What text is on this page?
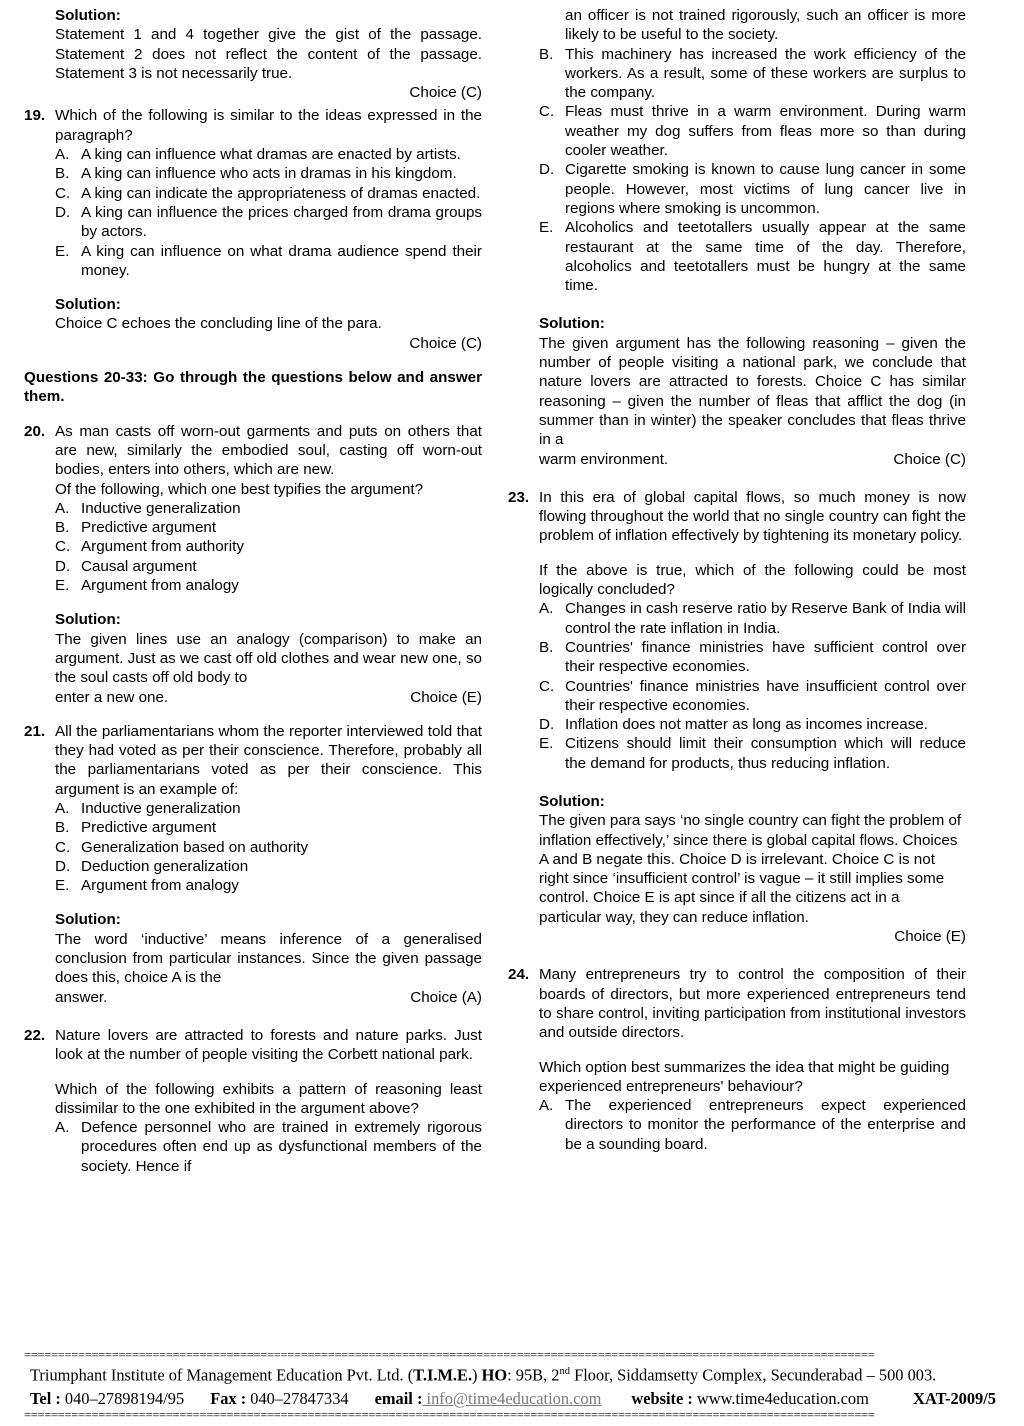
Solution:
Statement 1 and 4 together give the gist of the passage. Statement 2 does not reflect the content of the passage. Statement 3 is not necessarily true.
Choice (C)
19. Which of the following is similar to the ideas expressed in the paragraph?
A. A king can influence what dramas are enacted by artists.
B. A king can influence who acts in dramas in his kingdom.
C. A king can indicate the appropriateness of dramas enacted.
D. A king can influence the prices charged from drama groups by actors.
E. A king can influence on what drama audience spend their money.
Solution:
Choice C echoes the concluding line of the para.
Choice (C)
Questions 20-33: Go through the questions below and answer them.
20. As man casts off worn-out garments and puts on others that are new, similarly the embodied soul, casting off worn-out bodies, enters into others, which are new.
Of the following, which one best typifies the argument?
A. Inductive generalization
B. Predictive argument
C. Argument from authority
D. Causal argument
E. Argument from analogy
Solution:
The given lines use an analogy (comparison) to make an argument. Just as we cast off old clothes and wear new one, so the soul casts off old body to
enter a new one.	Choice (E)
21. All the parliamentarians whom the reporter interviewed told that they had voted as per their conscience. Therefore, probably all the parliamentarians voted as per their conscience. This argument is an example of:
A. Inductive generalization
B. Predictive argument
C. Generalization based on authority
D. Deduction generalization
E. Argument from analogy
Solution:
The word ‘inductive’ means inference of a generalised conclusion from particular instances. Since the given passage does this, choice A is the
answer.	Choice (A)
22. Nature lovers are attracted to forests and nature parks. Just look at the number of people visiting the Corbett national park.
Which of the following exhibits a pattern of reasoning least dissimilar to the one exhibited in the argument above?
A. Defence personnel who are trained in extremely rigorous procedures often end up as dysfunctional members of the society. Hence if
an officer is not trained rigorously, such an officer is more likely to be useful to the society.
B. This machinery has increased the work efficiency of the workers. As a result, some of these workers are surplus to the company.
C. Fleas must thrive in a warm environment. During warm weather my dog suffers from fleas more so than during cooler weather.
D. Cigarette smoking is known to cause lung cancer in some people. However, most victims of lung cancer live in regions where smoking is uncommon.
E. Alcoholics and teetotallers usually appear at the same restaurant at the same time of the day. Therefore, alcoholics and teetotallers must be hungry at the same time.
Solution:
The given argument has the following reasoning – given the number of people visiting a national park, we conclude that nature lovers are attracted to forests. Choice C has similar reasoning – given the number of fleas that afflict the dog (in summer than in winter) the speaker concludes that fleas thrive in a
warm environment.	Choice (C)
23. In this era of global capital flows, so much money is now flowing throughout the world that no single country can fight the problem of inflation effectively by tightening its monetary policy.
If the above is true, which of the following could be most logically concluded?
A. Changes in cash reserve ratio by Reserve Bank of India will control the rate inflation in India.
B. Countries' finance ministries have sufficient control over their respective economies.
C. Countries' finance ministries have insufficient control over their respective economies.
D. Inflation does not matter as long as incomes increase.
E. Citizens should limit their consumption which will reduce the demand for products, thus reducing inflation.
Solution:
The given para says ‘no single country can fight the problem of inflation effectively,’ since there is global capital flows. Choices A and B negate this. Choice D is irrelevant. Choice C is not right since ‘insufficient control’ is vague – it still implies some control. Choice E is apt since if all the citizens act in a particular way, they can reduce inflation.
Choice (E)
24. Many entrepreneurs try to control the composition of their boards of directors, but more experienced entrepreneurs tend to share control, inviting participation from institutional investors and outside directors.
Which option best summarizes the idea that might be guiding experienced entrepreneurs' behaviour?
A. The experienced entrepreneurs expect experienced directors to monitor the performance of the enterprise and be a sounding board.
==============================================================================================================================
Triumphant Institute of Management Education Pvt. Ltd. (T.I.M.E.) HO: 95B, 2nd Floor, Siddamsetty Complex, Secunderabad – 500 003.
Tel : 040–27898194/95 Fax : 040–27847334 email : info@time4education.com website : www.time4education.com	XAT-2009/5
==============================================================================================================================
